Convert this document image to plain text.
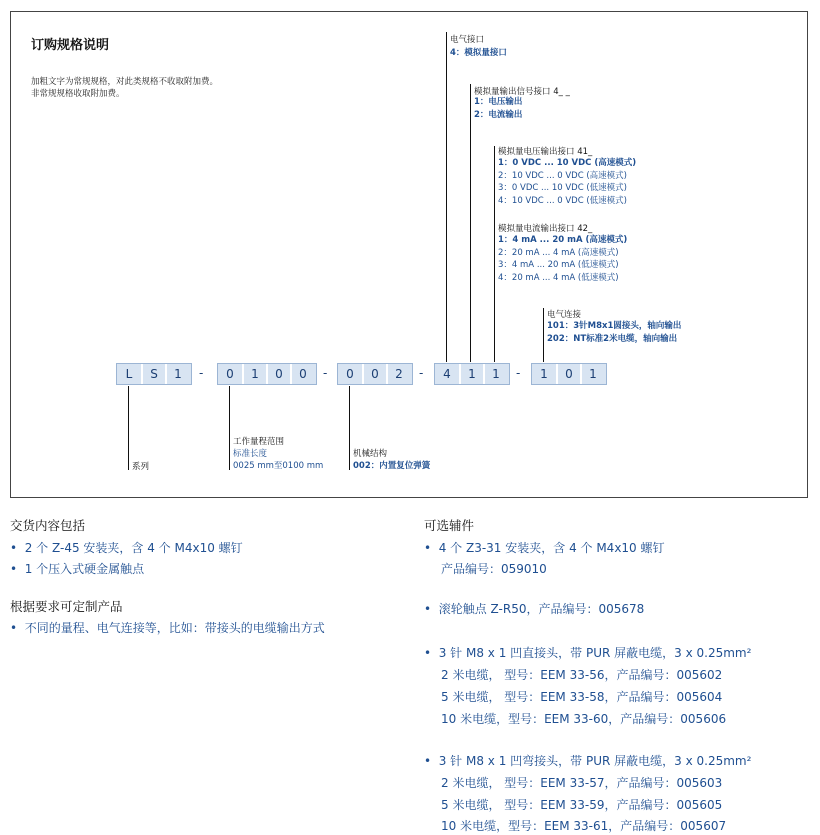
订购规格说明
加粗文字为常规规格，对此类规格不收取附加费。
非常规规格收取附加费。
电气接口
4：模拟量接口
模拟量输出信号接口 4_ _
1：电压输出
2：电流输出
模拟量电压输出接口 41_
1：0 VDC ... 10 VDC (高速模式)
2：10 VDC ... 0 VDC (高速模式)
3：0 VDC ... 10 VDC (低速模式)
4：10 VDC ... 0 VDC (低速模式)
模拟量电流输出接口 42_
1：4 mA ... 20 mA (高速模式)
2：20 mA ... 4 mA (高速模式)
3：4 mA ... 20 mA (低速模式)
4：20 mA ... 4 mA (低速模式)
电气连接
101：3针M8x1圆接头，轴向输出
202：NT标准2米电缆，轴向输出
L	S	1	-	0	1	0	0	-	0	0	2	-	4	1	1	-	1	0	1
系列
工作量程范围
标准长度
0025 mm至0100 mm
机械结构
002：内置复位弹簧
交货内容包括
• 2 个 Z-45 安装夹，含 4 个 M4x10 螺钉
• 1 个压入式硬金属触点
根据要求可定制产品
• 不同的量程、电气连接等，比如：带接头的电缆输出方式
可选辅件
• 4 个 Z3-31 安装夹，含 4 个 M4x10 螺钉
产品编号：059010
• 滚轮触点 Z-R50，产品编号：005678
• 3 针 M8 x 1 凹直接头，带 PUR 屏蔽电缆，3 x 0.25mm²
2 米电缆， 型号：EEM 33-56，产品编号：005602
5 米电缆， 型号：EEM 33-58，产品编号：005604
10 米电缆，型号：EEM 33-60，产品编号：005606
• 3 针 M8 x 1 凹弯接头，带 PUR 屏蔽电缆，3 x 0.25mm²
2 米电缆， 型号：EEM 33-57，产品编号：005603
5 米电缆， 型号：EEM 33-59，产品编号：005605
10 米电缆，型号：EEM 33-61，产品编号：005607
